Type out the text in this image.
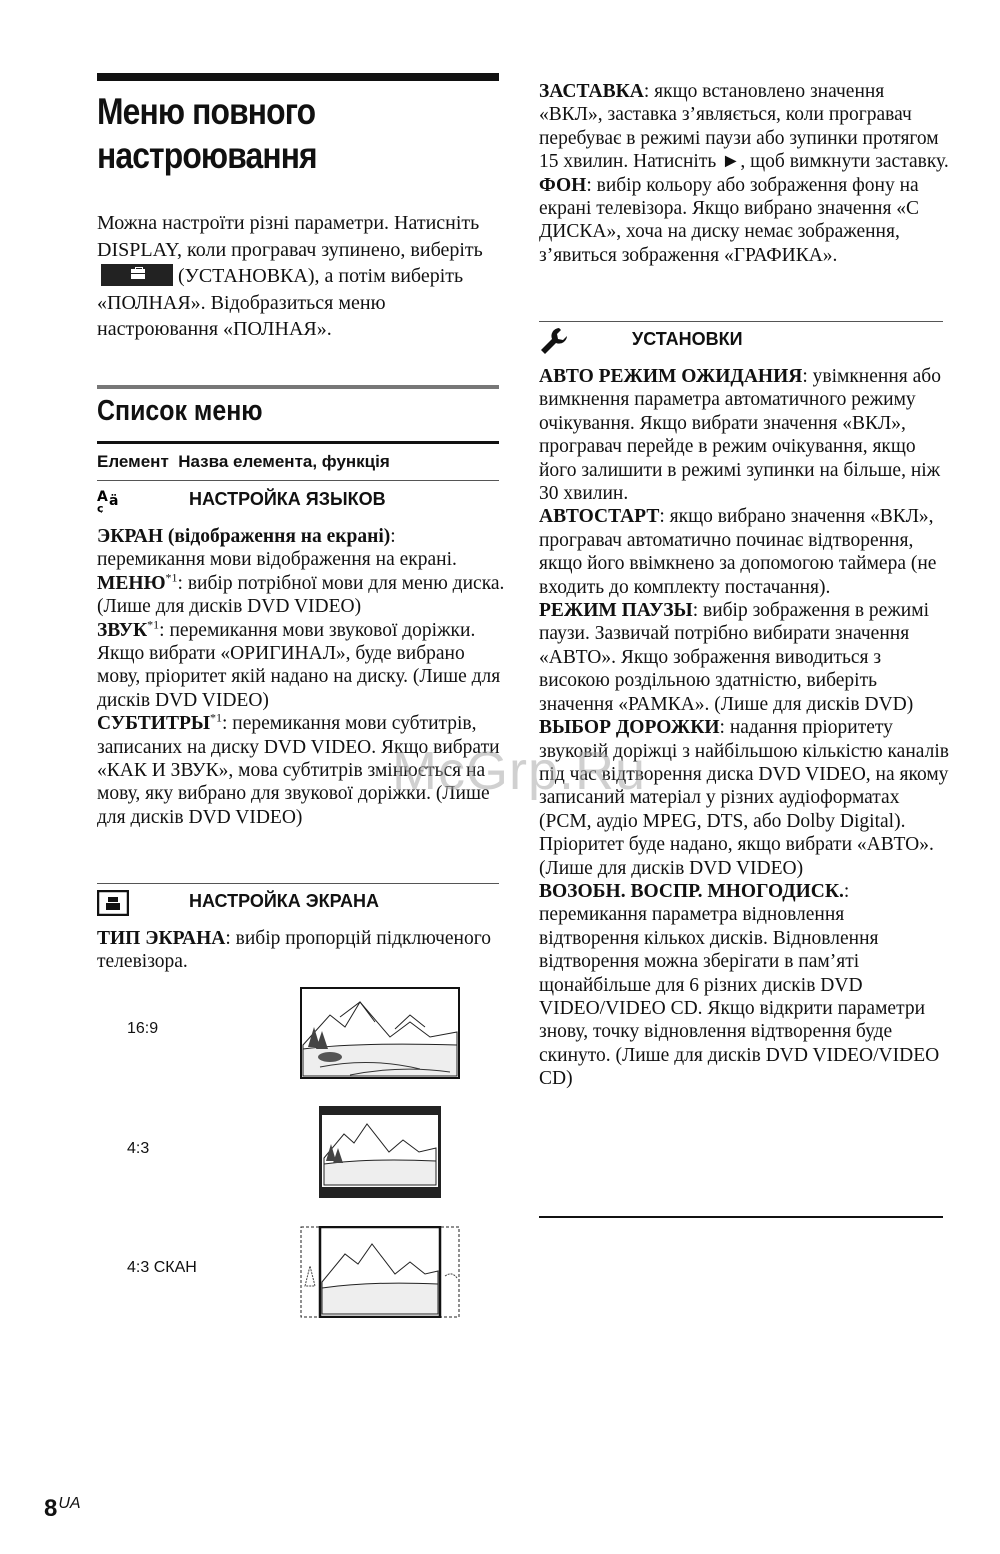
Меню повного
настроювання
Можна настроїти різні параметри. Натисніть DISPLAY, коли програвач зупинено, виберіть
(УСТАНОВКА), а потім виберіть «ПОЛНАЯ». Відобразиться меню настроювання «ПОЛНАЯ».
Список меню
Елемент  Назва елемента, функція
A ä
ç	НАСТРОЙКА ЯЗЫКОВ

ЭКРАН (відображення на екрані): перемикання мови відображення на екрані.

МЕНЮ$^{*1}$: вибір потрібної мови для меню диска. (Лише для дисків DVD VIDEO)

ЗВУК$^{*1}$: перемикання мови звукової доріжки. Якщо вибрати «ОРИГИНАЛ», буде вибрано мову, пріоритет якій надано на диску. (Лише для дисків DVD VIDEO)

СУБТИТРЫ$^{*1}$: перемикання мови субтитрів, записаних на диску DVD VIDEO. Якщо вибрати «КАК И ЗВУК», мова субтитрів змінюється на мову, яку вибрано для звукової доріжки. (Лише для дисків DVD VIDEO)

НАСТРОЙКА ЭКРАНА

ТИП ЭКРАНА: вибір пропорцій підключеного телевізора.

16:9
4:3
4:3 СКАН

ЗАСТАВКА: якщо встановлено значення «ВКЛ», заставка з’являється, коли програвач перебуває в режимі паузи або зупинки протягом 15 хвилин. Натисніть ►, щоб вимкнути заставку.

ФОН: вибір кольору або зображення фону на екрані телевізора. Якщо вибрано значення «С ДИСКА», хоча на диску немає зображення, з’явиться зображення «ГРАФИКА».

УСТАНОВКИ

АВТО РЕЖИМ ОЖИДАНИЯ: увімкнення або вимкнення параметра автоматичного режиму очікування. Якщо вибрати значення «ВКЛ», програвач перейде в режим очікування, якщо його залишити в режимі зупинки на більше, ніж 30 хвилин.

АВТОСТАРТ: якщо вибрано значення «ВКЛ», програвач автоматично починає відтворення, якщо його ввімкнено за допомогою таймера (не входить до комплекту постачання).

РЕЖИМ ПАУЗЫ: вибір зображення в режимі паузи. Зазвичай потрібно вибирати значення «АВТО». Якщо зображення виводиться з високою роздільною здатністю, виберіть значення «РАМКА». (Лише для дисків DVD)

ВЫБОР ДОРОЖКИ: надання пріоритету звуковій доріжці з найбільшою кількістю каналів під час відтворення диска DVD VIDEO, на якому записаний матеріал у різних аудіоформатах (PCM, аудіо MPEG, DTS, або Dolby Digital). Пріоритет буде надано, якщо вибрати «АВТО». (Лише для дисків DVD VIDEO)

ВОЗОБН. ВОСПР. МНОГОДИСК.: перемикання параметра відновлення відтворення кількох дисків. Відновлення відтворення можна зберігати в пам’яті щонайбільше для 6 різних дисків DVD VIDEO/VIDEO CD. Якщо відкрити параметри знову, точку відновлення відтворення буде скинуто. (Лише для дисків DVD VIDEO/VIDEO CD)

McGrp.Ru
$8^{UA}$
